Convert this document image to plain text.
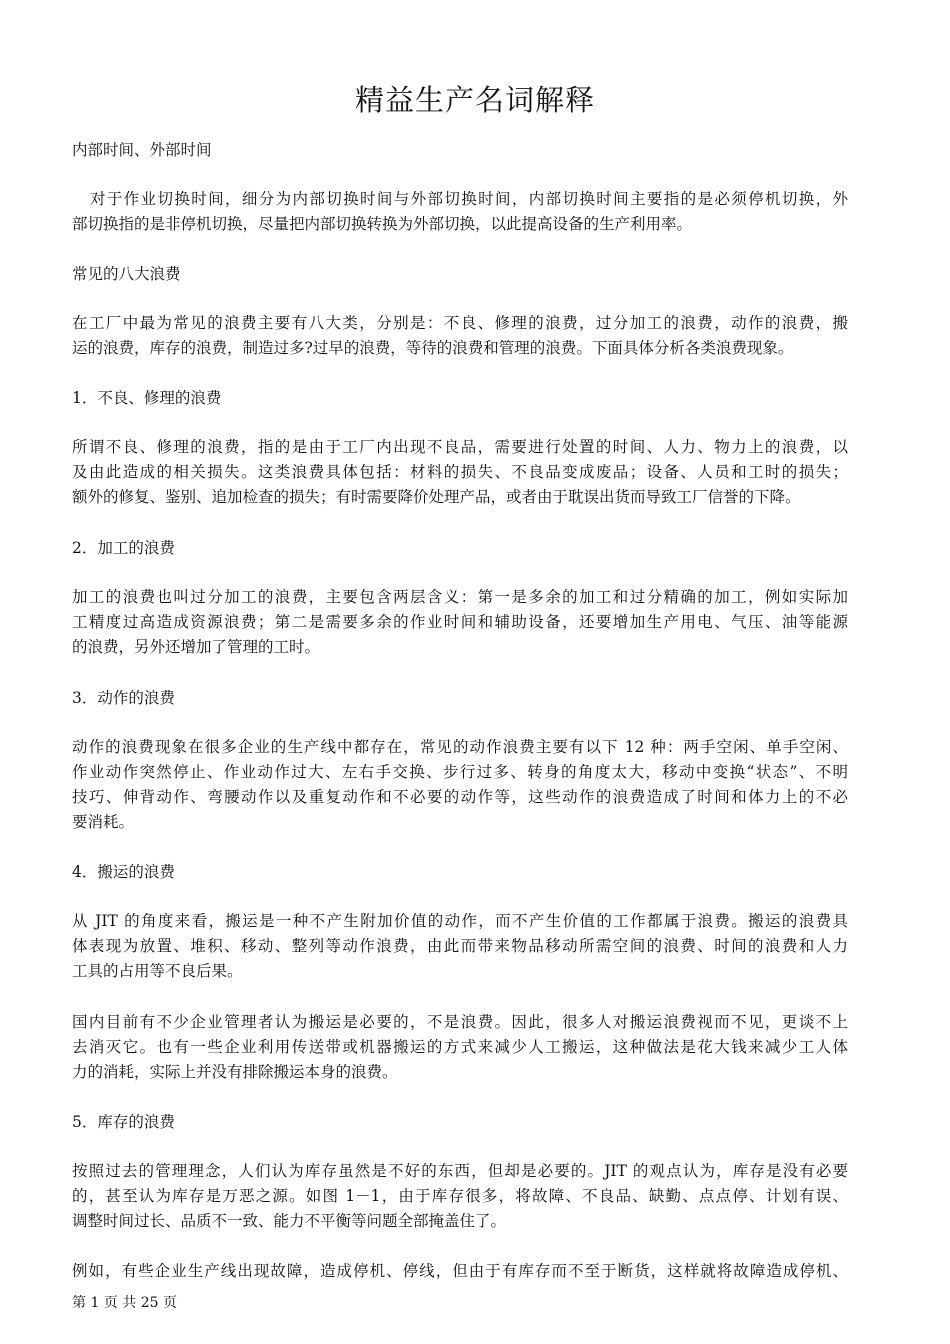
精益生产名词解释
内部时间、外部时间
对于作业切换时间，细分为内部切换时间与外部切换时间，内部切换时间主要指的是必须停机切换，外
部切换指的是非停机切换，尽量把内部切换转换为外部切换，以此提高设备的生产利用率。
常见的八大浪费
在工厂中最为常见的浪费主要有八大类，分别是：不良、修理的浪费，过分加工的浪费，动作的浪费，搬
运的浪费，库存的浪费，制造过多?过早的浪费，等待的浪费和管理的浪费。下面具体分析各类浪费现象。
1．不良、修理的浪费
所谓不良、修理的浪费，指的是由于工厂内出现不良品，需要进行处置的时间、人力、物力上的浪费，以
及由此造成的相关损失。这类浪费具体包括：材料的损失、不良品变成废品；设备、人员和工时的损失；
额外的修复、鉴别、追加检查的损失；有时需要降价处理产品，或者由于耽误出货而导致工厂信誉的下降。
2．加工的浪费
加工的浪费也叫过分加工的浪费，主要包含两层含义：第一是多余的加工和过分精确的加工，例如实际加
工精度过高造成资源浪费；第二是需要多余的作业时间和辅助设备，还要增加生产用电、气压、油等能源
的浪费，另外还增加了管理的工时。
3．动作的浪费
动作的浪费现象在很多企业的生产线中都存在，常见的动作浪费主要有以下 12 种：两手空闲、单手空闲、
作业动作突然停止、作业动作过大、左右手交换、步行过多、转身的角度太大，移动中变换“状态”、不明
技巧、伸背动作、弯腰动作以及重复动作和不必要的动作等，这些动作的浪费造成了时间和体力上的不必
要消耗。
4．搬运的浪费
从 JIT 的角度来看，搬运是一种不产生附加价值的动作，而不产生价值的工作都属于浪费。搬运的浪费具
体表现为放置、堆积、移动、整列等动作浪费，由此而带来物品移动所需空间的浪费、时间的浪费和人力
工具的占用等不良后果。
国内目前有不少企业管理者认为搬运是必要的，不是浪费。因此，很多人对搬运浪费视而不见，更谈不上
去消灭它。也有一些企业利用传送带或机器搬运的方式来减少人工搬运，这种做法是花大钱来减少工人体
力的消耗，实际上并没有排除搬运本身的浪费。
5．库存的浪费
按照过去的管理理念，人们认为库存虽然是不好的东西，但却是必要的。JIT 的观点认为，库存是没有必要
的，甚至认为库存是万恶之源。如图 1－1，由于库存很多，将故障、不良品、缺勤、点点停、计划有误、
调整时间过长、品质不一致、能力不平衡等问题全部掩盖住了。
例如，有些企业生产线出现故障，造成停机、停线，但由于有库存而不至于断货，这样就将故障造成停机、
第 1 页 共 25 页
